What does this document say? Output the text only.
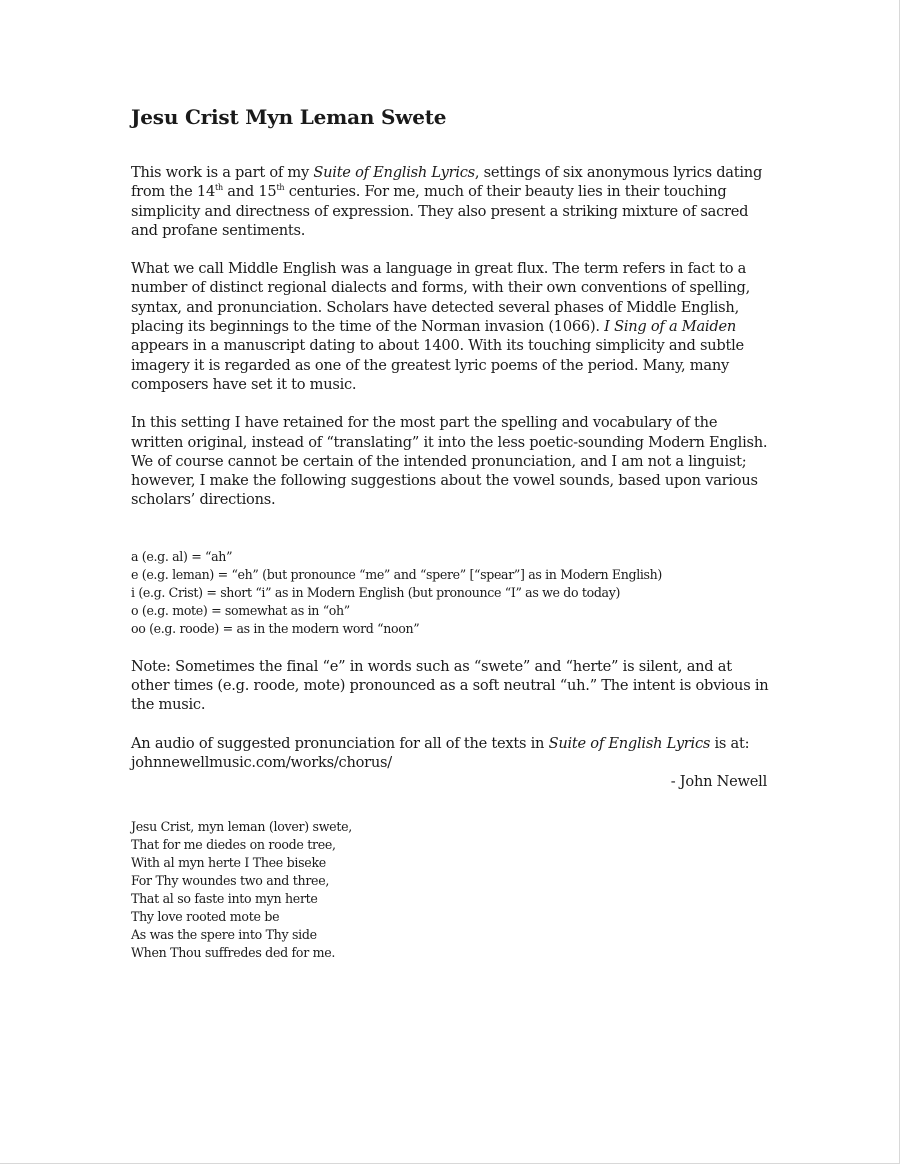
Jesu Crist Myn Leman Swete

This work is a part of my Suite of English Lyrics, settings of six anonymous lyrics dating from the 14th and 15th centuries. For me, much of their beauty lies in their touching simplicity and directness of expression. They also present a striking mixture of sacred and profane sentiments.

What we call Middle English was a language in great flux. The term refers in fact to a number of distinct regional dialects and forms, with their own conventions of spelling, syntax, and pronunciation. Scholars have detected several phases of Middle English, placing its beginnings to the time of the Norman invasion (1066). I Sing of a Maiden appears in a manuscript dating to about 1400. With its touching simplicity and subtle imagery it is regarded as one of the greatest lyric poems of the period. Many, many composers have set it to music.

In this setting I have retained for the most part the spelling and vocabulary of the written original, instead of “translating” it into the less poetic-sounding Modern English. We of course cannot be certain of the intended pronunciation, and I am not a linguist; however, I make the following suggestions about the vowel sounds, based upon various scholars’ directions.

a (e.g. al) = “ah”
e (e.g. leman) = “eh” (but pronounce “me” and “spere” [“spear”] as in Modern English)
i (e.g. Crist) = short “i” as in Modern English (but pronounce “I” as we do today)
o (e.g. mote) = somewhat as in “oh”
oo (e.g. roode) = as in the modern word “noon”

Note: Sometimes the final “e” in words such as “swete” and “herte” is silent, and at other times (e.g. roode, mote) pronounced as a soft neutral “uh.” The intent is obvious in the music.

An audio of suggested pronunciation for all of the texts in Suite of English Lyrics is at: johnnewellmusic.com/works/chorus/

- John Newell

Jesu Crist, myn leman (lover) swete,
That for me diedes on roode tree,
With al myn herte I Thee biseke
For Thy woundes two and three,
That al so faste into myn herte
Thy love rooted mote be
As was the spere into Thy side
When Thou suffredes ded for me.
